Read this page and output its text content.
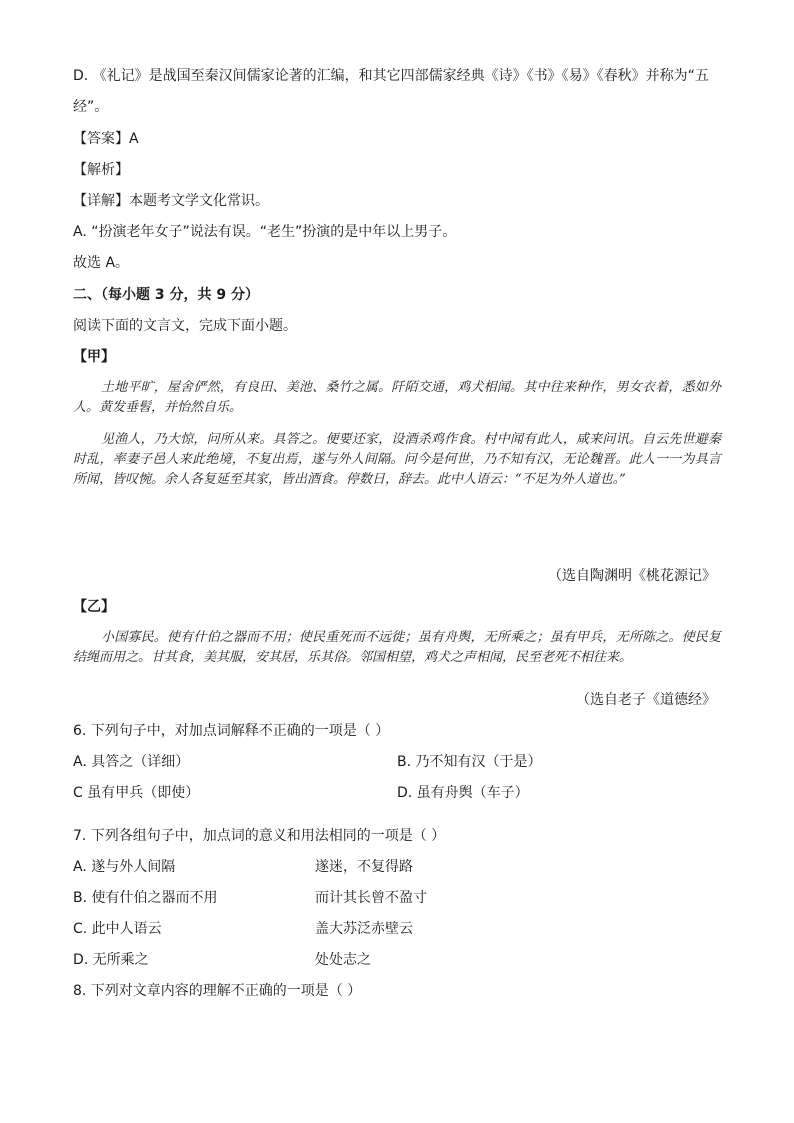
D. 《礼记》是战国至秦汉间儒家论著的汇编，和其它四部儒家经典《诗》《书》《易》《春秋》并称为“五
经”。
【答案】A
【解析】
【详解】本题考文学文化常识。
A. “扮演老年女子”说法有误。“老生”扮演的是中年以上男子。
故选 A。
二、（每小题 3 分，共 9 分）
阅读下面的文言文，完成下面小题。
【甲】

土地平旷，屋舍俨然，有良田、美池、桑竹之属。阡陌交通，鸡犬相闻。其中往来种作，男女衣着，悉如外人。黄发垂髫，并怡然自乐。

见渔人，乃大惊，问所从来。具答之。便要还家，设酒杀鸡作食。村中闻有此人，咸来问讯。自云先世避秦时乱，率妻子邑人来此绝境，不复出焉，遂与外人间隔。问今是何世，乃不知有汉，无论魏晋。此人一一为具言所闻，皆叹惋。余人各复延至其家，皆出酒食。停数日，辞去。此中人语云：“不足为外人道也。”

（选自陶渊明《桃花源记》
【乙】

小国寡民。使有什伯之器而不用；使民重死而不远徙；虽有舟舆，无所乘之；虽有甲兵，无所陈之。使民复结绳而用之。甘其食，美其服，安其居，乐其俗。邻国相望，鸡犬之声相闻，民至老死不相往来。

（选自老子《道德经》
6. 下列句子中，对加点词解释不正确的一项是（ ）
A. 具答之（详细）	B. 乃不知有汉（于是）
C 虽有甲兵（即使）	D. 虽有舟舆（车子）
7. 下列各组句子中，加点词的意义和用法相同的一项是（ ）
A. 遂与外人间隔	遂迷，不复得路
B. 使有什伯之器而不用	而计其长曾不盈寸
C. 此中人语云	盖大苏泛赤壁云
D. 无所乘之	处处志之
8. 下列对文章内容的理解不正确的一项是（ ）
